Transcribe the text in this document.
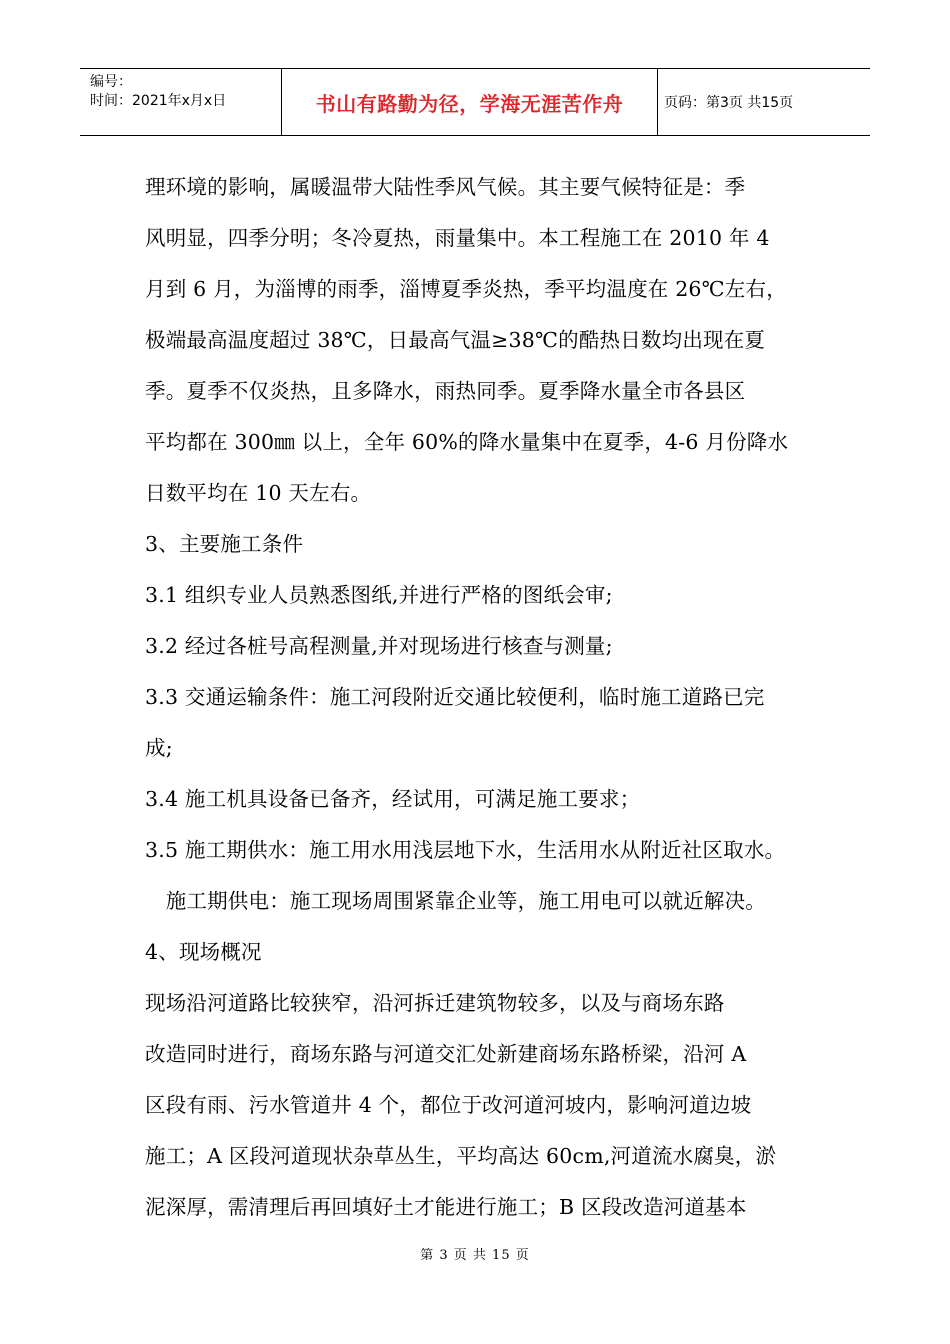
编号：
时间：2021年x月x日	书山有路勤为径，学海无涯苦作舟	页码：第3页 共15页
理环境的影响，属暖温带大陆性季风气候。其主要气候特征是：季
风明显，四季分明；冬冷夏热，雨量集中。本工程施工在 2010 年 4
月到 6 月，为淄博的雨季，淄博夏季炎热，季平均温度在 26℃左右，
极端最高温度超过 38℃，日最高气温≥38℃的酷热日数均出现在夏
季。夏季不仅炎热，且多降水，雨热同季。夏季降水量全市各县区
平均都在 300㎜ 以上，全年 60%的降水量集中在夏季，4-6 月份降水
日数平均在 10 天左右。
3、主要施工条件
3.1 组织专业人员熟悉图纸,并进行严格的图纸会审;
3.2 经过各桩号高程测量,并对现场进行核查与测量;
3.3 交通运输条件：施工河段附近交通比较便利，临时施工道路已完
成;
3.4 施工机具设备已备齐，经试用，可满足施工要求；
3.5 施工期供水：施工用水用浅层地下水，生活用水从附近社区取水。
　施工期供电：施工现场周围紧靠企业等，施工用电可以就近解决。
4、现场概况
现场沿河道路比较狭窄，沿河拆迁建筑物较多，以及与商场东路
改造同时进行，商场东路与河道交汇处新建商场东路桥梁，沿河 A
区段有雨、污水管道井 4 个，都位于改河道河坡内，影响河道边坡
施工；A 区段河道现状杂草丛生，平均高达 60cm,河道流水腐臭，淤
泥深厚，需清理后再回填好土才能进行施工；B 区段改造河道基本
第 3 页 共 15 页
